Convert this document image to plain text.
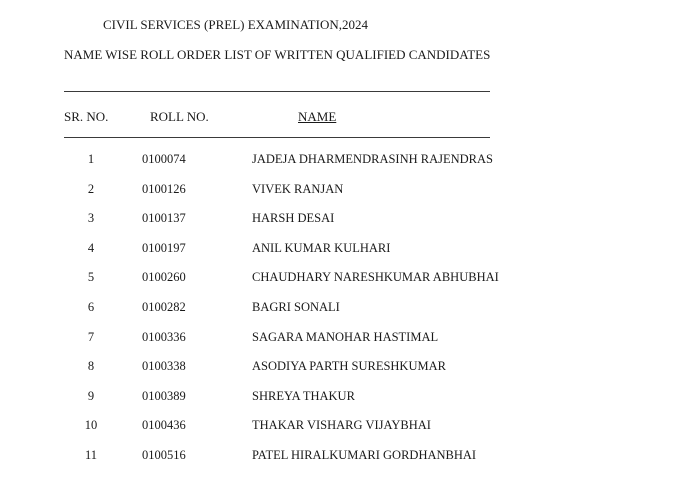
CIVIL SERVICES (PREL) EXAMINATION,2024
NAME WISE ROLL ORDER LIST OF WRITTEN QUALIFIED CANDIDATES
SR. NO.	ROLL NO.	NAME
1	0100074	JADEJA DHARMENDRASINH RAJENDRAS
2	0100126	VIVEK RANJAN
3	0100137	HARSH DESAI
4	0100197	ANIL KUMAR KULHARI
5	0100260	CHAUDHARY NARESHKUMAR ABHUBHAI
6	0100282	BAGRI SONALI
7	0100336	SAGARA MANOHAR HASTIMAL
8	0100338	ASODIYA PARTH SURESHKUMAR
9	0100389	SHREYA THAKUR
10	0100436	THAKAR VISHARG VIJAYBHAI
11	0100516	PATEL HIRALKUMARI GORDHANBHAI
